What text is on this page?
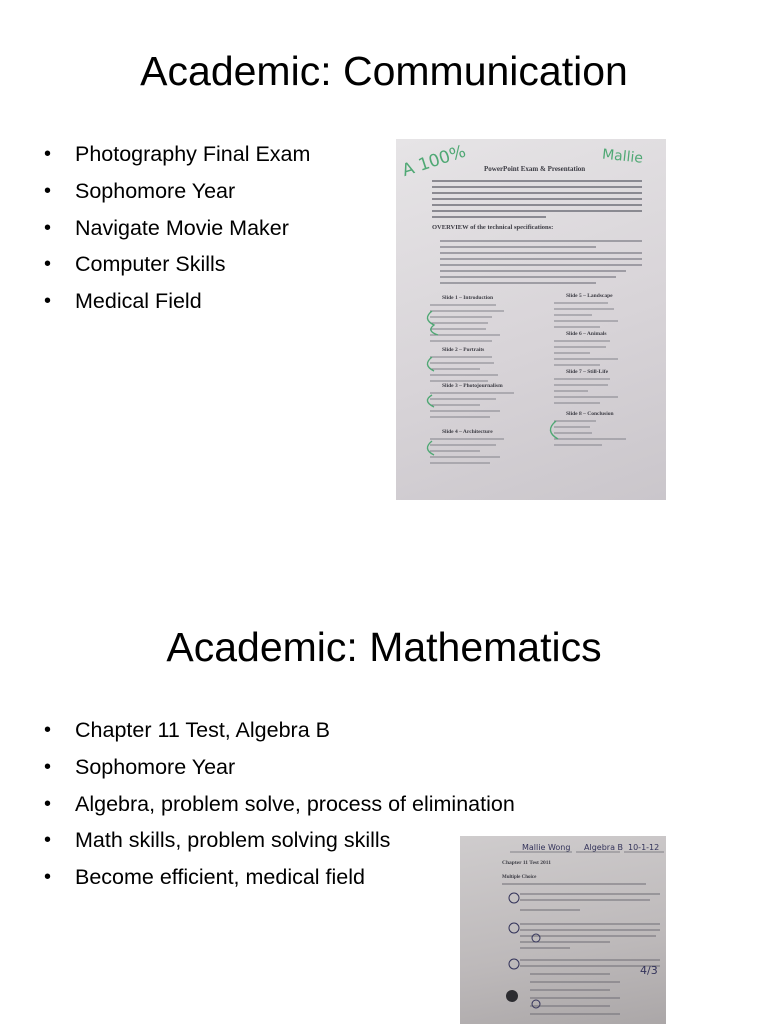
Academic: Communication
• Photography Final Exam
• Sophomore Year
• Navigate Movie Maker
• Computer Skills
• Medical Field
A 100%	Mallie
PowerPoint Exam & Presentation
OVERVIEW of the technical specifications:
Slide 1 – Introduction
Slide 2 – Portraits
Slide 3 – Photojournalism
Slide 4 – Architecture
Slide 5 – Landscape
Slide 6 – Animals
Slide 7 – Still-Life
Slide 8 – Conclusion
Academic: Mathematics
• Chapter 11 Test, Algebra B
• Sophomore Year
• Algebra, problem solve, process of elimination
• Math skills, problem solving skills
• Become efficient, medical field
Mallie Wong Algebra B 10-1-12
Chapter 11 Test 2011
Multiple Choice
4/3
